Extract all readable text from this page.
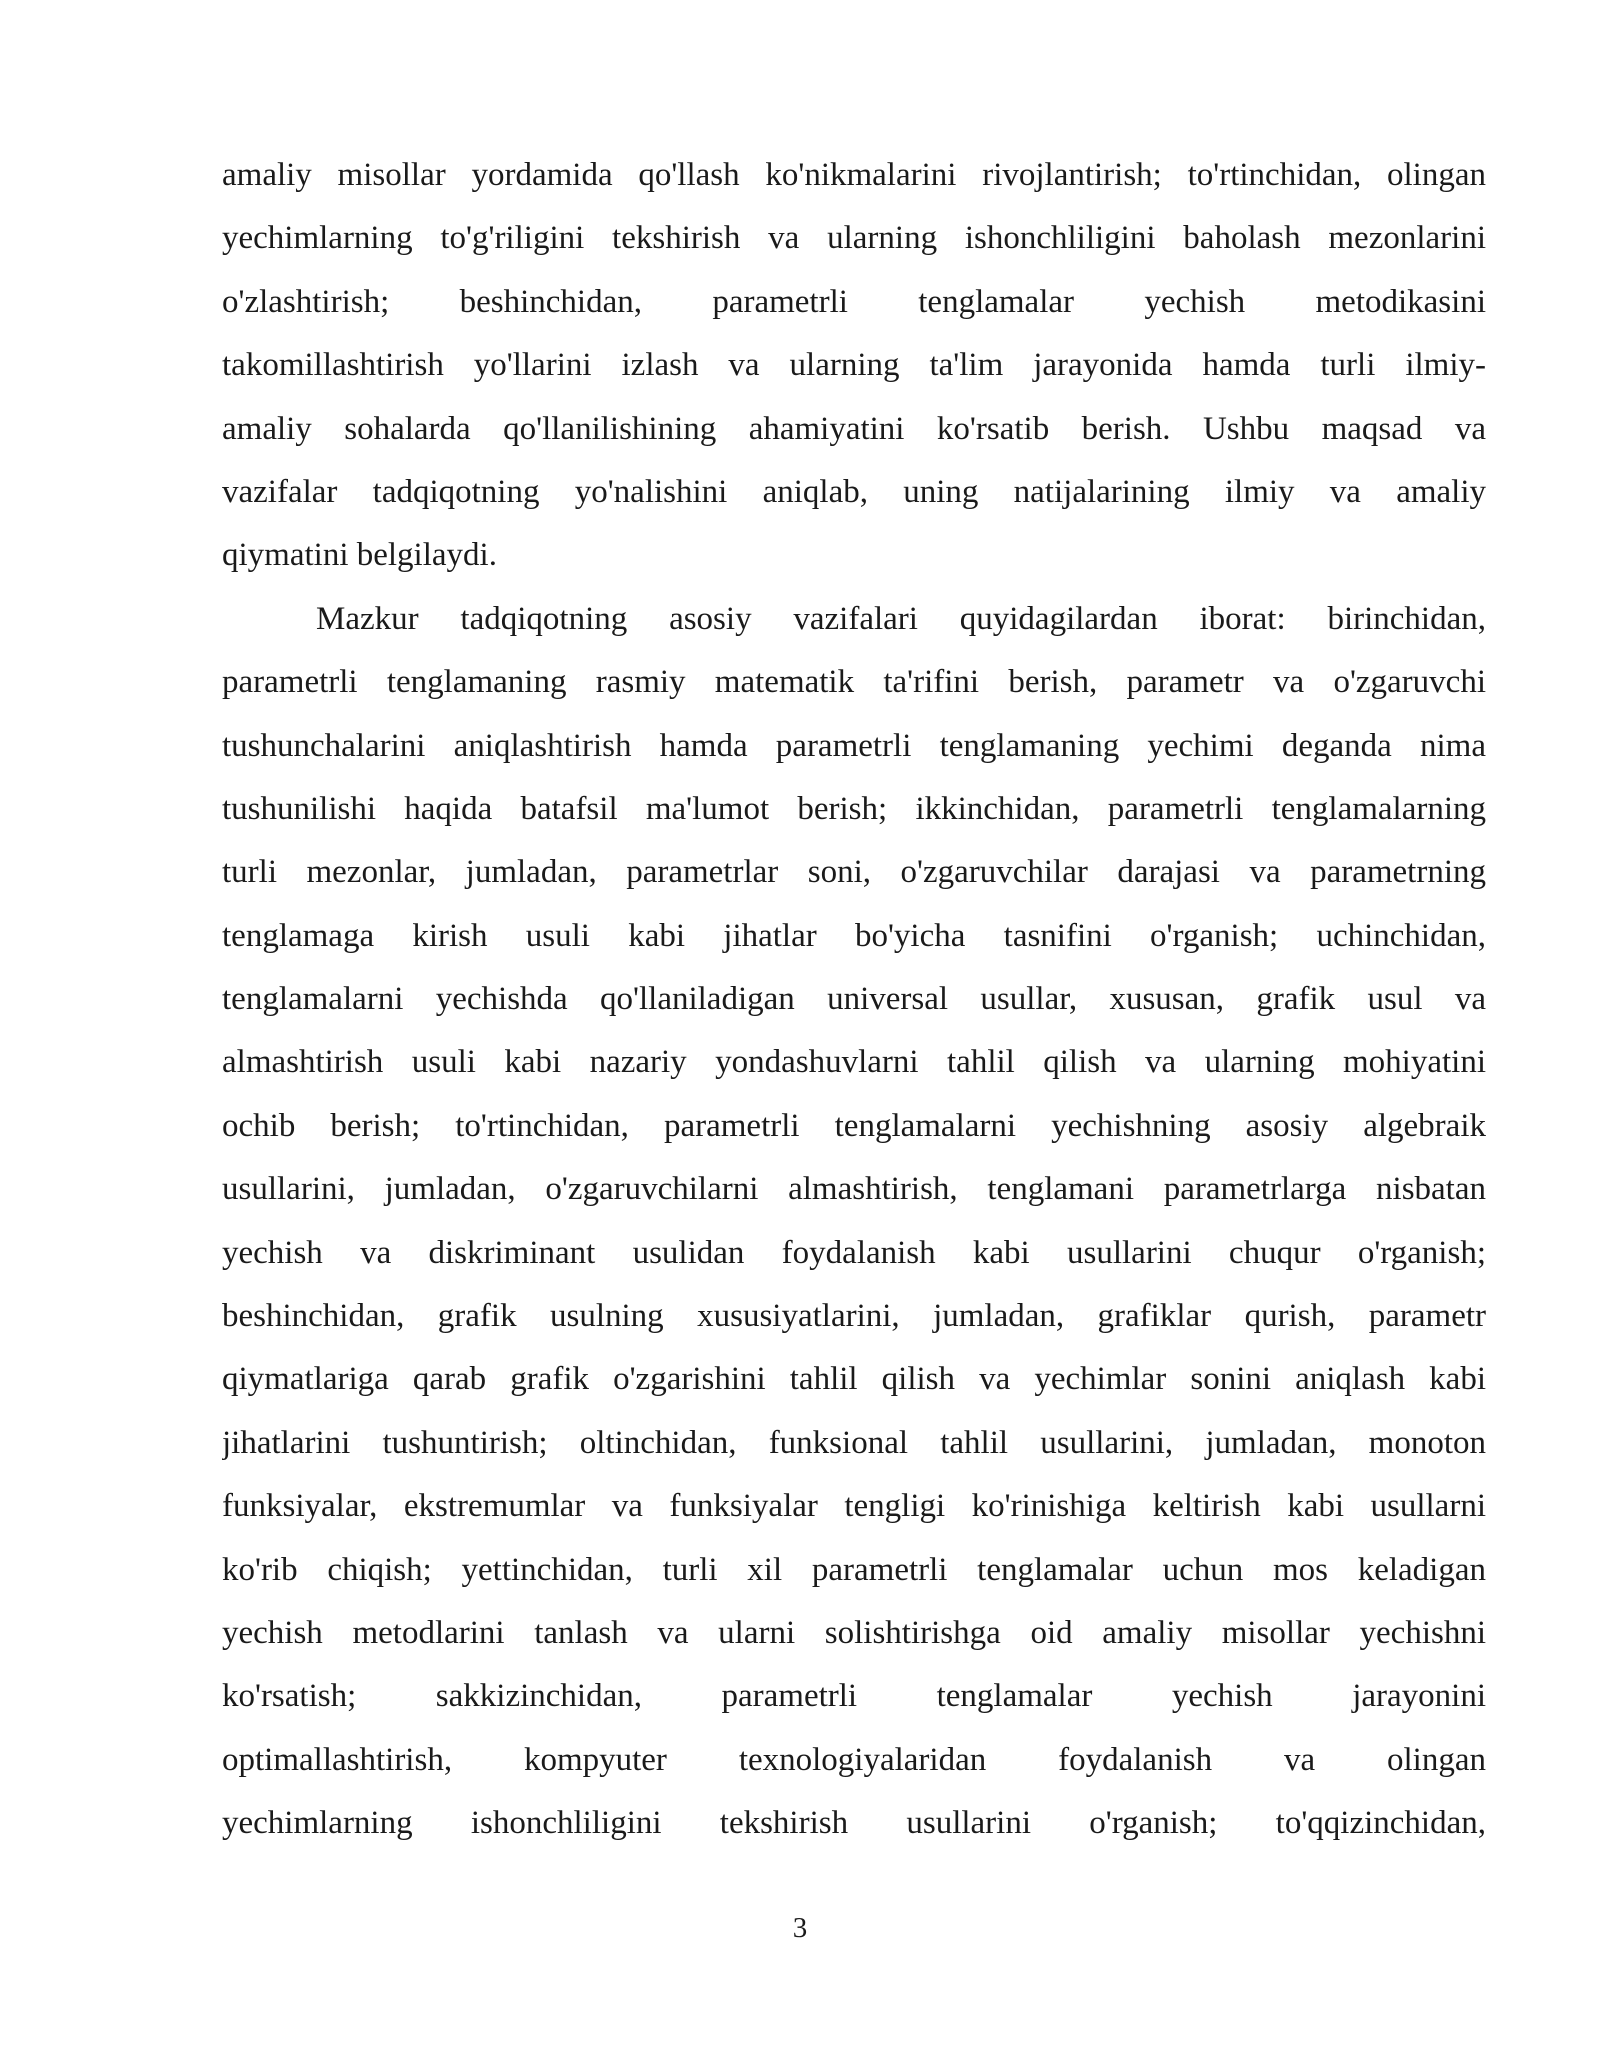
amaliy misollar yordamida qo'llash ko'nikmalarini rivojlantirish; to'rtinchidan, olingan
yechimlarning to'g'riligini tekshirish va ularning ishonchliligini baholash mezonlarini
o'zlashtirish; beshinchidan, parametrli tenglamalar yechish metodikasini
takomillashtirish yo'llarini izlash va ularning ta'lim jarayonida hamda turli ilmiy-
amaliy sohalarda qo'llanilishining ahamiyatini ko'rsatib berish. Ushbu maqsad va
vazifalar tadqiqotning yo'nalishini aniqlab, uning natijalarining ilmiy va amaliy
qiymatini belgilaydi.
Mazkur tadqiqotning asosiy vazifalari quyidagilardan iborat: birinchidan,
parametrli tenglamaning rasmiy matematik ta'rifini berish, parametr va o'zgaruvchi
tushunchalarini aniqlashtirish hamda parametrli tenglamaning yechimi deganda nima
tushunilishi haqida batafsil ma'lumot berish; ikkinchidan, parametrli tenglamalarning
turli mezonlar, jumladan, parametrlar soni, o'zgaruvchilar darajasi va parametrning
tenglamaga kirish usuli kabi jihatlar bo'yicha tasnifini o'rganish; uchinchidan,
tenglamalarni yechishda qo'llaniladigan universal usullar, xususan, grafik usul va
almashtirish usuli kabi nazariy yondashuvlarni tahlil qilish va ularning mohiyatini
ochib berish; to'rtinchidan, parametrli tenglamalarni yechishning asosiy algebraik
usullarini, jumladan, o'zgaruvchilarni almashtirish, tenglamani parametrlarga nisbatan
yechish va diskriminant usulidan foydalanish kabi usullarini chuqur o'rganish;
beshinchidan, grafik usulning xususiyatlarini, jumladan, grafiklar qurish, parametr
qiymatlariga qarab grafik o'zgarishini tahlil qilish va yechimlar sonini aniqlash kabi
jihatlarini tushuntirish; oltinchidan, funksional tahlil usullarini, jumladan, monoton
funksiyalar, ekstremumlar va funksiyalar tengligi ko'rinishiga keltirish kabi usullarni
ko'rib chiqish; yettinchidan, turli xil parametrli tenglamalar uchun mos keladigan
yechish metodlarini tanlash va ularni solishtirishga oid amaliy misollar yechishni
ko'rsatish; sakkizinchidan, parametrli tenglamalar yechish jarayonini
optimallashtirish, kompyuter texnologiyalaridan foydalanish va olingan
yechimlarning ishonchliligini tekshirish usullarini o'rganish; to'qqizinchidan,
3
